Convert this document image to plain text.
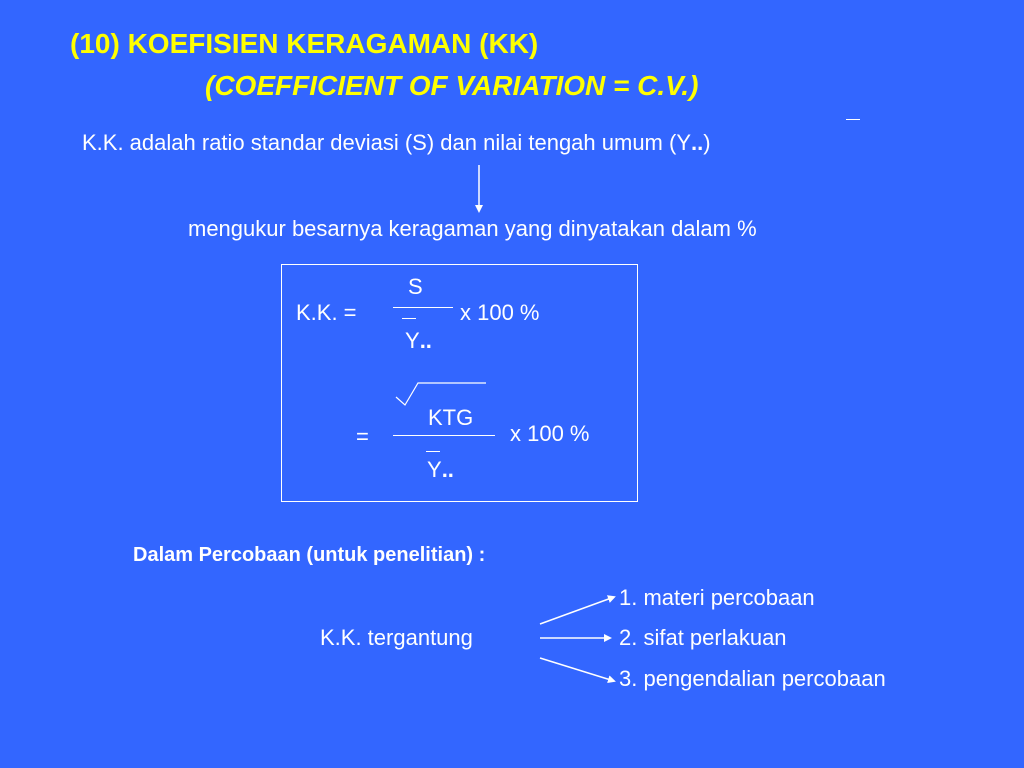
(10) KOEFISIEN KERAGAMAN (KK)
(COEFFICIENT OF VARIATION = C.V.)
K.K. adalah ratio standar deviasi (S) dan nilai tengah umum (Y..)
mengukur besarnya keragaman yang dinyatakan dalam %
S
K.K. =	x 100 %
Y..
KTG
=	x 100 %
Y..
Dalam Percobaan (untuk penelitian) :
K.K. tergantung
1. materi percobaan
2. sifat perlakuan
3. pengendalian percobaan
